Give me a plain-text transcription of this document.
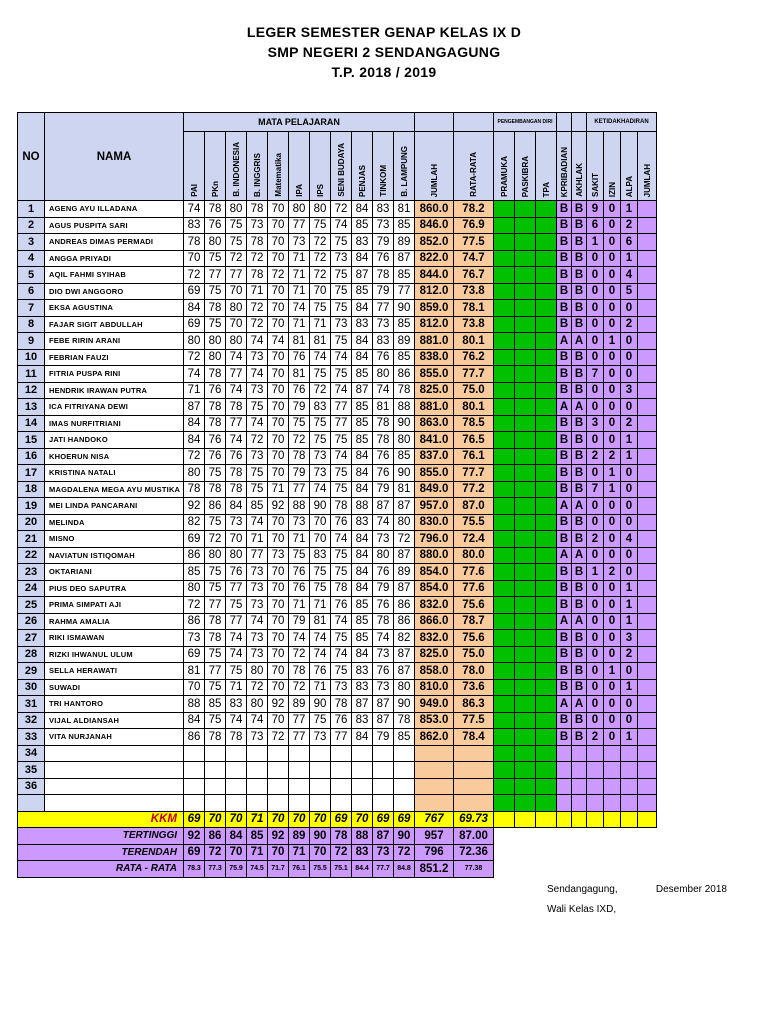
LEGER SEMESTER GENAP KELAS IX D
SMP NEGERI 2 SENDANGAGUNG
T.P. 2018 / 2019
NO	NAMA	MATA PELAJARAN													PENGEMBANGAN DIRI					KETIDAKHADIRAN			
		PAI	PKn	B. INDONESIA	B. INGGRIS	Matematika	IPA	IPS	SENI BUDAYA	PENJAS	TINKOM	B. LAMPUNG	JUMLAH	RATA-RATA	PRAMUKA	PASKIBRA	TPA	KPRIBADIAN	AKHLAK	SAKIT	IZIN	ALPA	JUMLAH
1	AGENG AYU ILLADANA	74	78	80	78	70	80	80	72	84	83	81	860.0	78.2				B	B	9	0	1	
2	AGUS PUSPITA SARI	83	76	75	73	70	77	75	74	85	73	85	846.0	76.9				B	B	6	0	2	
3	ANDREAS DIMAS PERMADI	78	80	75	78	70	73	72	75	83	79	89	852.0	77.5				B	B	1	0	6	
4	ANGGA PRIYADI	70	75	72	72	70	71	72	73	84	76	87	822.0	74.7				B	B	0	0	1	
5	AQIL FAHMI SYIHAB	72	77	77	78	72	71	72	75	87	78	85	844.0	76.7				B	B	0	0	4	
6	DIO DWI ANGGORO	69	75	70	71	70	71	70	75	85	79	77	812.0	73.8				B	B	0	0	5	
7	EKSA AGUSTINA	84	78	80	72	70	74	75	75	84	77	90	859.0	78.1				B	B	0	0	0	
8	FAJAR SIGIT ABDULLAH	69	75	70	72	70	71	71	73	83	73	85	812.0	73.8				B	B	0	0	2	
9	FEBE RIRIN ARANI	80	80	80	74	74	81	81	75	84	83	89	881.0	80.1				A	A	0	1	0	
10	FEBRIAN FAUZI	72	80	74	73	70	76	74	74	84	76	85	838.0	76.2				B	B	0	0	0	
11	FITRIA PUSPA RINI	74	78	77	74	70	81	75	75	85	80	86	855.0	77.7				B	B	7	0	0	
12	HENDRIK IRAWAN PUTRA	71	76	74	73	70	76	72	74	87	74	78	825.0	75.0				B	B	0	0	3	
13	ICA FITRIYANA DEWI	87	78	78	75	70	79	83	77	85	81	88	881.0	80.1				A	A	0	0	0	
14	IMAS NURFITRIANI	84	78	77	74	70	75	75	77	85	78	90	863.0	78.5				B	B	3	0	2	
15	JATI HANDOKO	84	76	74	72	70	72	75	75	85	78	80	841.0	76.5				B	B	0	0	1	
16	KHOERUN NISA	72	76	76	73	70	78	73	74	84	76	85	837.0	76.1				B	B	2	2	1	
17	KRISTINA NATALI	80	75	78	75	70	79	73	75	84	76	90	855.0	77.7				B	B	0	1	0	
18	MAGDALENA MEGA AYU MUSTIKA	78	78	78	75	71	77	74	75	84	79	81	849.0	77.2				B	B	7	1	0	
19	MEI LINDA PANCARANI	92	86	84	85	92	88	90	78	88	87	87	957.0	87.0				A	A	0	0	0	
20	MELINDA	82	75	73	74	70	73	70	76	83	74	80	830.0	75.5				B	B	0	0	0	
21	MISNO	69	72	70	71	70	71	70	74	84	73	72	796.0	72.4				B	B	2	0	4	
22	NAVIATUN ISTIQOMAH	86	80	80	77	73	75	83	75	84	80	87	880.0	80.0				A	A	0	0	0	
23	OKTARIANI	85	75	76	73	70	76	75	75	84	76	89	854.0	77.6				B	B	1	2	0	
24	PIUS DEO SAPUTRA	80	75	77	73	70	76	75	78	84	79	87	854.0	77.6				B	B	0	0	1	
25	PRIMA SIMPATI AJI	72	77	75	73	70	71	71	76	85	76	86	832.0	75.6				B	B	0	0	1	
26	RAHMA AMALIA	86	78	77	74	70	79	81	74	85	78	86	866.0	78.7				A	A	0	0	1	
27	RIKI ISMAWAN	73	78	74	73	70	74	74	75	85	74	82	832.0	75.6				B	B	0	0	3	
28	RIZKI IHWANUL ULUM	69	75	74	73	70	72	74	74	84	73	87	825.0	75.0				B	B	0	0	2	
29	SELLA HERAWATI	81	77	75	80	70	78	76	75	83	76	87	858.0	78.0				B	B	0	1	0	
30	SUWADI	70	75	71	72	70	72	71	73	83	73	80	810.0	73.6				B	B	0	0	1	
31	TRI HANTORO	88	85	83	80	92	89	90	78	87	87	90	949.0	86.3				A	A	0	0	0	
32	VIJAL ALDIANSAH	84	75	74	74	70	77	75	76	83	87	78	853.0	77.5				B	B	0	0	0	
33	VITA NURJANAH	86	78	78	73	72	77	73	77	84	79	85	862.0	78.4				B	B	2	0	1	
34																							
35																							
36																							

KKM		69	70	70	71	70	70	70	69	70	69	69	767	69.73									
TERTINGGI		92	86	84	85	92	89	90	78	88	87	90	957	87.00									
TERENDAH		69	72	70	71	70	71	70	72	83	73	72	796	72.36									
RATA - RATA		78.3	77.3	75.9	74.5	71.7	76.1	75.5	75.1	84.4	77.7	84.8	851.2	77.38									
Sendangagung,	Desember 2018
Wali Kelas IXD,
